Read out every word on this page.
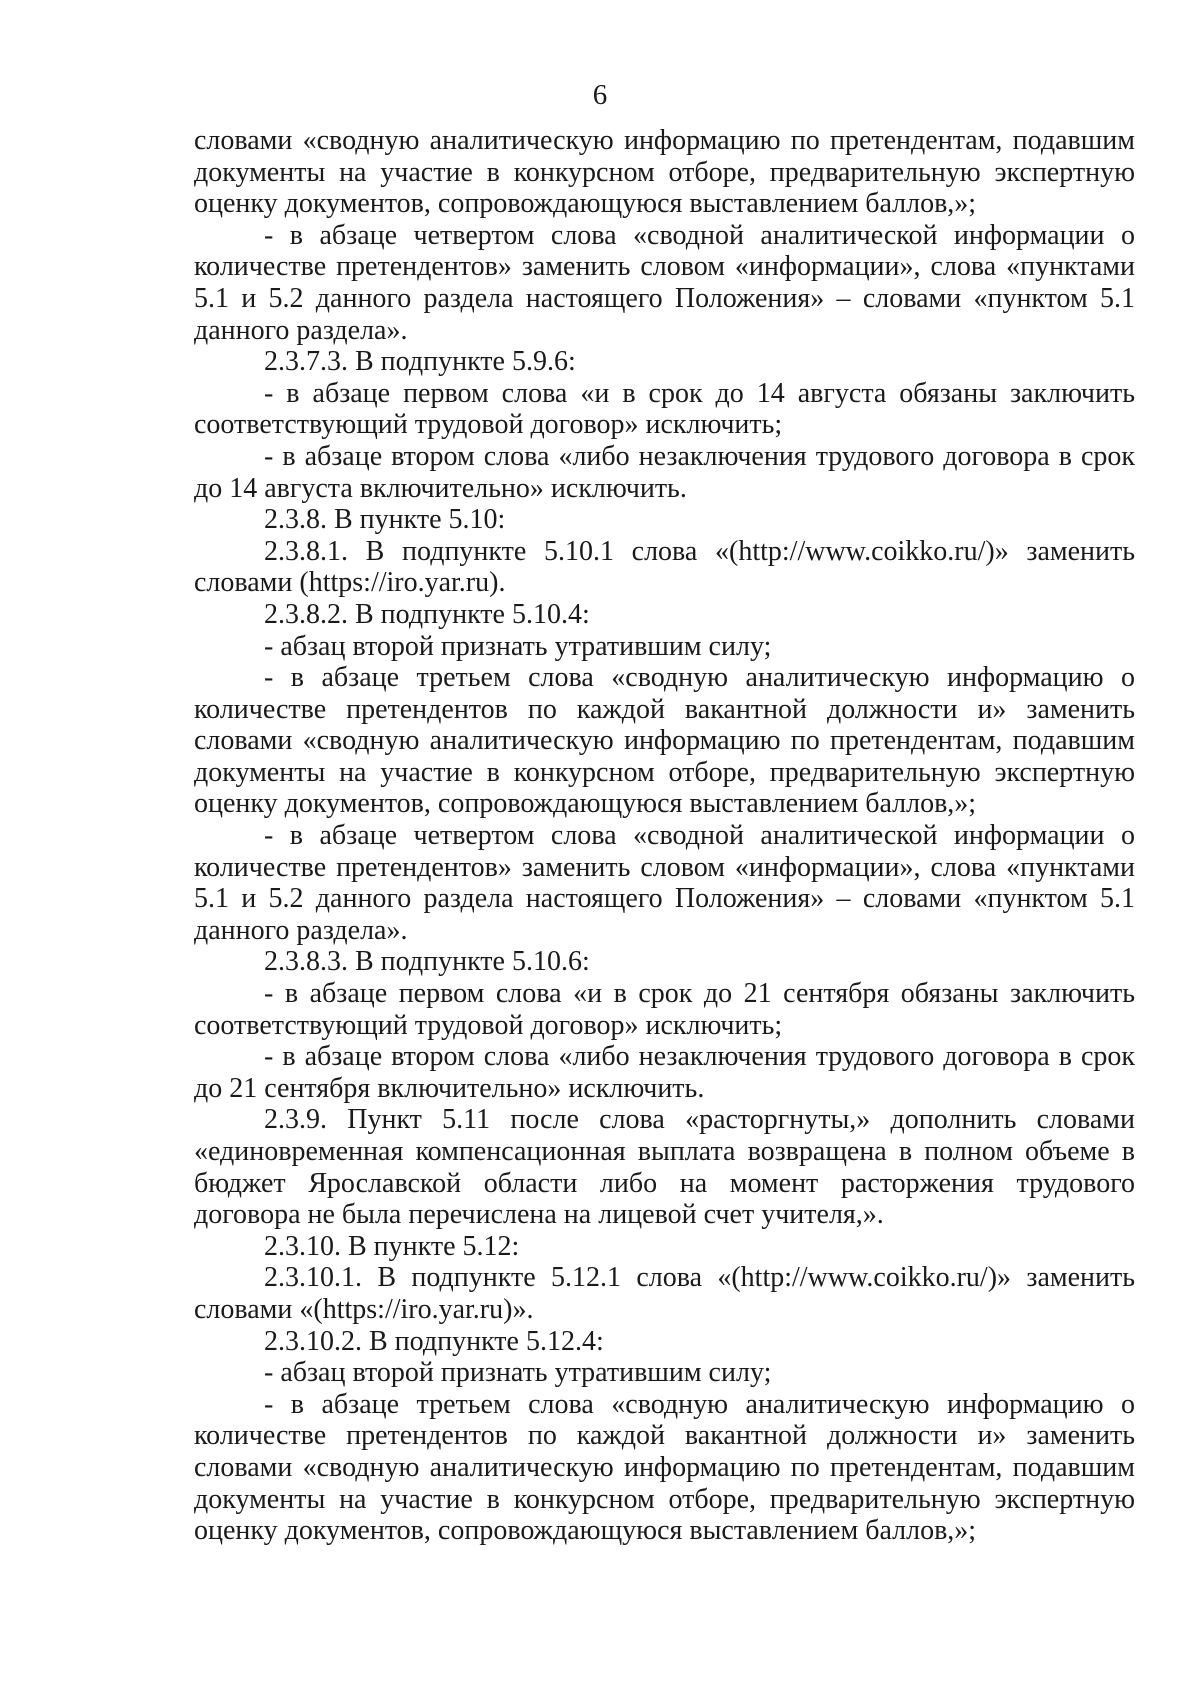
6

словами «сводную аналитическую информацию по претендентам, подавшим документы на участие в конкурсном отборе, предварительную экспертную оценку документов, сопровождающуюся выставлением баллов,»;

- в абзаце четвертом слова «сводной аналитической информации о количестве претендентов» заменить словом «информации», слова «пунктами 5.1 и 5.2 данного раздела настоящего Положения» – словами «пунктом 5.1 данного раздела».

2.3.7.3. В подпункте 5.9.6:

- в абзаце первом слова «и в срок до 14 августа обязаны заключить соответствующий трудовой договор» исключить;

- в абзаце втором слова «либо незаключения трудового договора в срок до 14 августа включительно» исключить.

2.3.8. В пункте 5.10:

2.3.8.1. В подпункте 5.10.1 слова «(http://www.coikko.ru/)» заменить словами (https://iro.yar.ru).

2.3.8.2. В подпункте 5.10.4:

- абзац второй признать утратившим силу;

- в абзаце третьем слова «сводную аналитическую информацию о количестве претендентов по каждой вакантной должности и» заменить словами «сводную аналитическую информацию по претендентам, подавшим документы на участие в конкурсном отборе, предварительную экспертную оценку документов, сопровождающуюся выставлением баллов,»;

- в абзаце четвертом слова «сводной аналитической информации о количестве претендентов» заменить словом «информации», слова «пунктами 5.1 и 5.2 данного раздела настоящего Положения» – словами «пунктом 5.1 данного раздела».

2.3.8.3. В подпункте 5.10.6:

- в абзаце первом слова «и в срок до 21 сентября обязаны заключить соответствующий трудовой договор» исключить;

- в абзаце втором слова «либо незаключения трудового договора в срок до 21 сентября включительно» исключить.

2.3.9. Пункт 5.11 после слова «расторгнуты,» дополнить словами «единовременная компенсационная выплата возвращена в полном объеме в бюджет Ярославской области либо на момент расторжения трудового договора не была перечислена на лицевой счет учителя,».

2.3.10. В пункте 5.12:

2.3.10.1. В подпункте 5.12.1 слова «(http://www.coikko.ru/)» заменить словами «(https://iro.yar.ru)».

2.3.10.2. В подпункте 5.12.4:

- абзац второй признать утратившим силу;

- в абзаце третьем слова «сводную аналитическую информацию о количестве претендентов по каждой вакантной должности и» заменить словами «сводную аналитическую информацию по претендентам, подавшим документы на участие в конкурсном отборе, предварительную экспертную оценку документов, сопровождающуюся выставлением баллов,»;
